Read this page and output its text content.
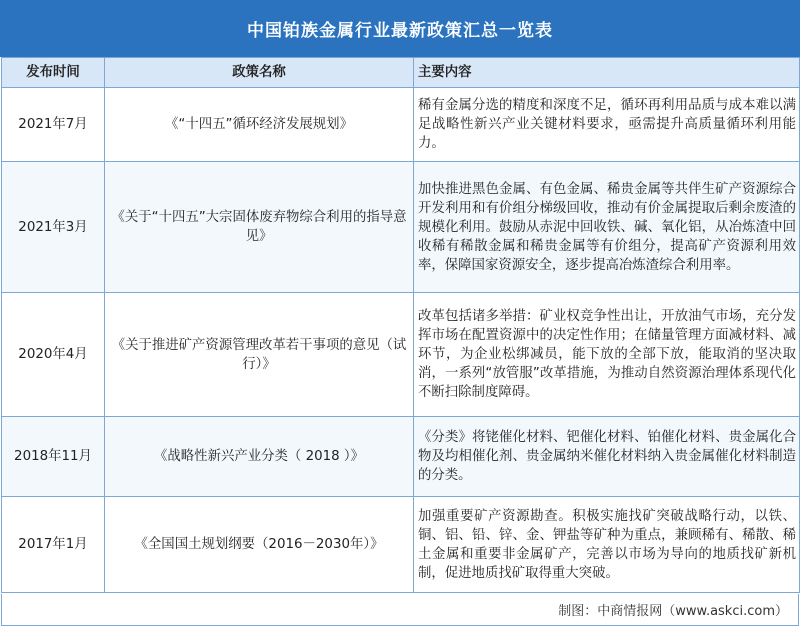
中国铂族金属行业最新政策汇总一览表
发布时间	政策名称	主要内容
2021年7月	《“十四五”循环经济发展规划》	稀有金属分选的精度和深度不足，循环再利用品质与成本难以满足战略性新兴产业关键材料要求，亟需提升高质量循环利用能力。
2021年3月	《关于“十四五”大宗固体废弃物综合利用的指导意见》	加快推进黑色金属、有色金属、稀贵金属等共伴生矿产资源综合开发利用和有价组分梯级回收，推动有价金属提取后剩余废渣的规模化利用。鼓励从赤泥中回收铁、碱、氧化铝，从冶炼渣中回收稀有稀散金属和稀贵金属等有价组分，提高矿产资源利用效率，保障国家资源安全，逐步提高冶炼渣综合利用率。
2020年4月	《关于推进矿产资源管理改革若干事项的意见（试行）》	改革包括诸多举措：矿业权竞争性出让，开放油气市场，充分发挥市场在配置资源中的决定性作用；在储量管理方面减材料、减环节，为企业松绑减员，能下放的全部下放，能取消的坚决取消，一系列“放管服”改革措施，为推动自然资源治理体系现代化不断扫除制度障碍。
2018年11月	《战略性新兴产业分类（ 2018 ）》	《分类》将铑催化材料、钯催化材料、铂催化材料、贵金属化合物及均相催化剂、贵金属纳米催化材料纳入贵金属催化材料制造的分类。
2017年1月	《全国国土规划纲要（2016－2030年）》	加强重要矿产资源勘查。积极实施找矿突破战略行动，以铁、铜、铝、铅、锌、金、钾盐等矿种为重点，兼顾稀有、稀散、稀土金属和重要非金属矿产，完善以市场为导向的地质找矿新机制，促进地质找矿取得重大突破。
制图：中商情报网（www.askci.com）
